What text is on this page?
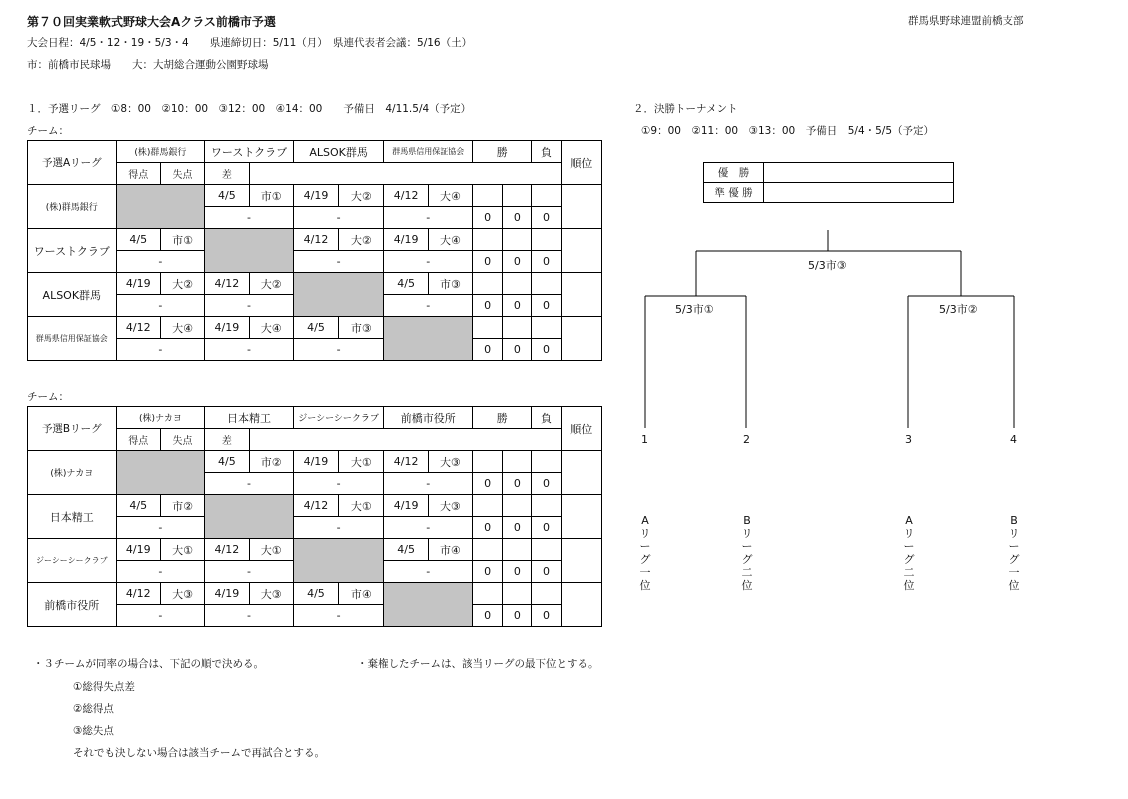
第７０回実業軟式野球大会Aクラス前橋市予選	群馬県野球連盟前橋支部
大会日程：4/5・12・19・5/3・4　　県連締切日：5/11（月）　県連代表者会議：5/16（土）
市：前橋市民球場　　大：大胡総合運動公園野球場
１．予選リーグ　①8：00　②10：00　③12：00　④14：00　　予備日　4/11.5/4（予定）
チーム：
２．決勝トーナメント
①9：00　②11：00　③13：00　予備日　5/4・5/5（予定）
予選Aリーグ	(株)群馬銀行		ワーストクラブ		ALSOK群馬		群馬県信用保証協会		勝		負	順位
	得点	失点	差									
(株)群馬銀行			4/5	市①	4/19	大②	4/12	大④				
			-		-		-		0	0	0	
ワーストクラブ	4/5	市①			4/12	大②	4/19	大④				
	-				-		-		0	0	0	
ALSOK群馬	4/19	大②	4/12	大②			4/5	市③				
	-		-				-		0	0	0	
群馬県信用保証協会	4/12	大④	4/19	大④	4/5	市③						
	-		-		-				0	0	0	
チーム：
予選Bリーグ	(株)ナカヨ		日本精工		ジーシーシークラブ		前橋市役所		勝		負	順位
	得点	失点	差									
(株)ナカヨ			4/5	市②	4/19	大①	4/12	大③				
			-		-		-		0	0	0	
日本精工	4/5	市②			4/12	大①	4/19	大③				
	-				-		-		0	0	0	
ジーシーシークラブ	4/19	大①	4/12	大①			4/5	市④				
	-		-				-		0	0	0	
前橋市役所	4/12	大③	4/19	大③	4/5	市④						
	-		-		-				0	0	0	
優　勝	
準 優 勝	
5/3市③
5/3市①	5/3市②
1	2	3	4
Aリーグ一位
Bリーグ二位
Aリーグ二位
Bリーグ一位
・３チームが同率の場合は、下記の順で決める。	・棄権したチームは、該当リーグの最下位とする。
①総得失点差
②総得点
③総失点
それでも決しない場合は該当チームで再試合とする。
